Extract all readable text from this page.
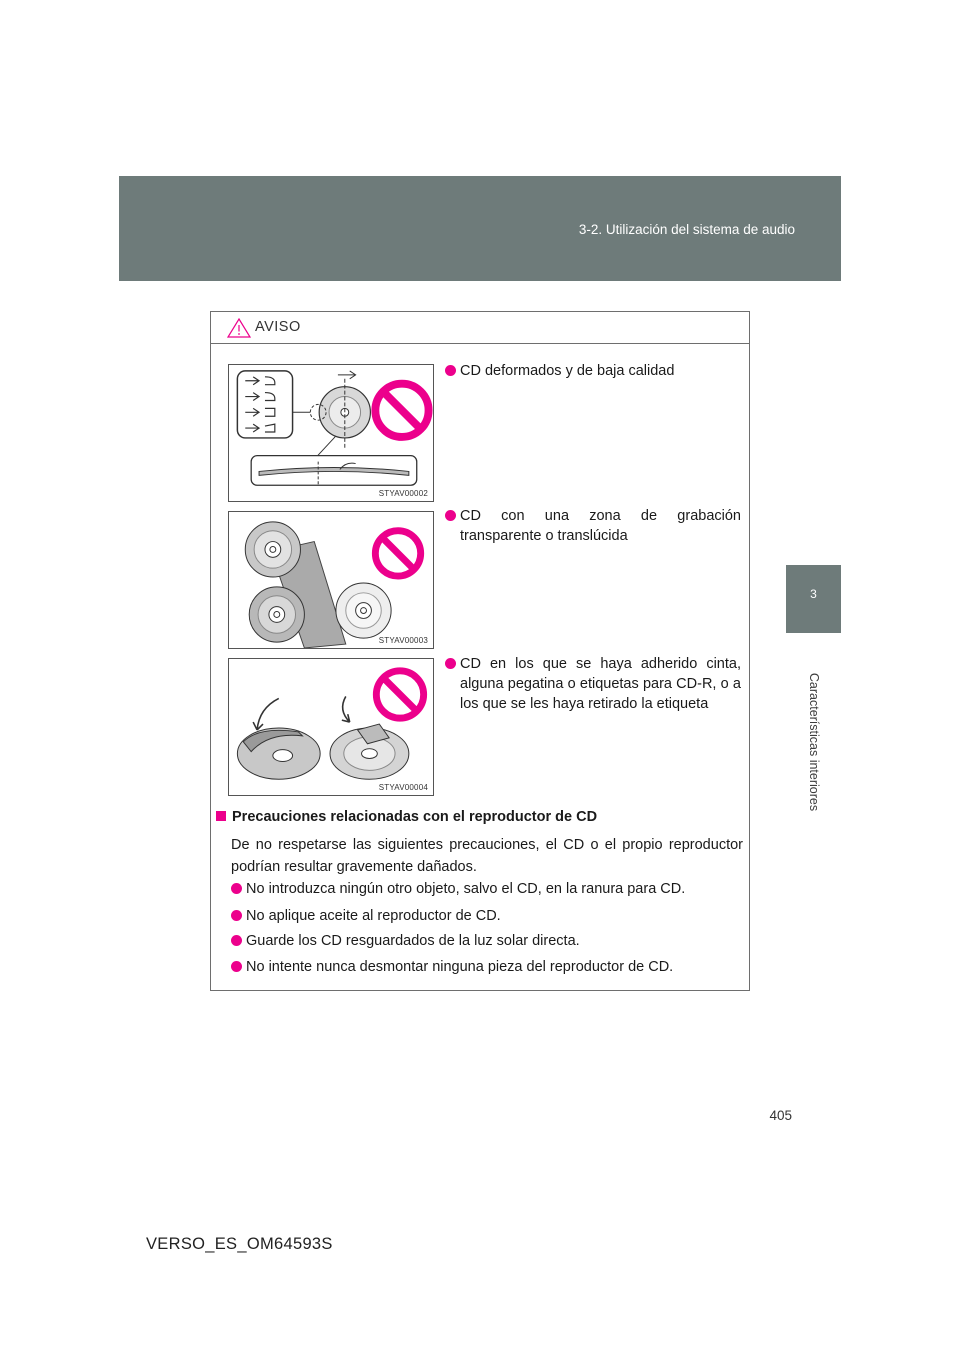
3-2. Utilización del sistema de audio
3
Características interiores
AVISO
STYAV00002
CD deformados y de baja calidad
STYAV00003
CD con una zona de grabación transparente o translúcida
STYAV00004
CD en los que se haya adherido cinta, alguna pegatina o etiquetas para CD-R, o a los que se les haya retirado la etiqueta
Precauciones relacionadas con el reproductor de CD
De no respetarse las siguientes precauciones, el CD o el propio reproductor podrían resultar gravemente dañados.
No introduzca ningún otro objeto, salvo el CD, en la ranura para CD.
No aplique aceite al reproductor de CD.
Guarde los CD resguardados de la luz solar directa.
No intente nunca desmontar ninguna pieza del reproductor de CD.
405
VERSO_ES_OM64593S
